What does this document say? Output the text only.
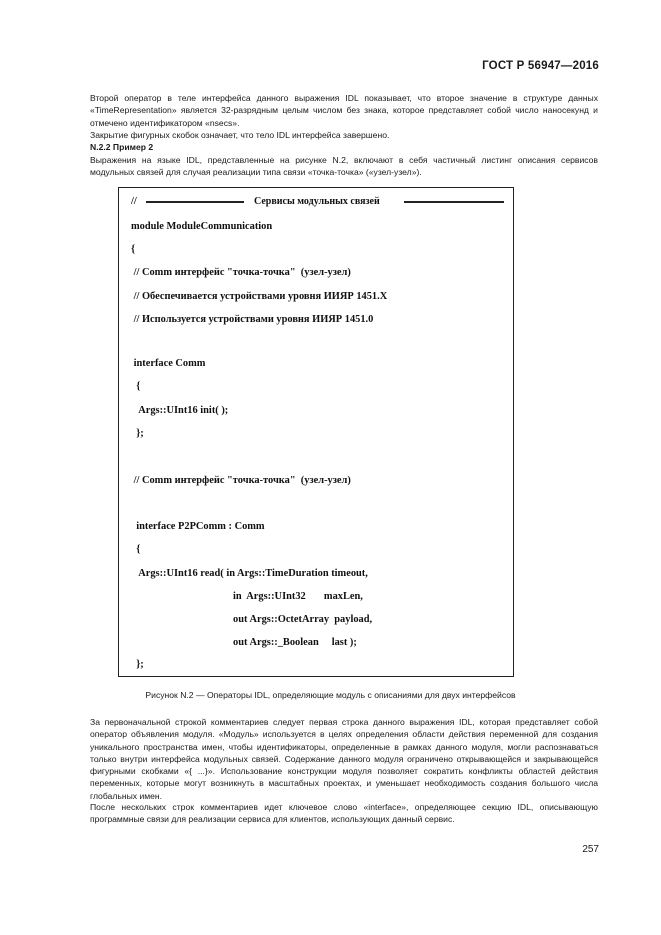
ГОСТ Р 56947—2016
Второй оператор в теле интерфейса данного выражения IDL показывает, что второе значение в структуре данных «TimeRepresentation» является 32-разрядным целым числом без знака, которое представляет собой число наносекунд и отмечено идентификатором «nsecs».
Закрытие фигурных скобок означает, что тело IDL интерфейса завершено.
N.2.2 Пример 2
Выражения на языке IDL, представленные на рисунке N.2, включают в себя частичный листинг описания сервисов модульных связей для случая реализации типа связи «точка-точка» («узел-узел»).
//	Сервисы модульных связей
module ModuleCommunication
{
// Comm интерфейс "точка-точка"  (узел-узел)
// Обеспечивается устройствами уровня ИИЯР 1451.X
// Используется устройствами уровня ИИЯР 1451.0
interface Comm
{
Args::UInt16 init( );
};
// Comm интерфейс "точка-точка"  (узел-узел)
interface P2PComm : Comm
{
Args::UInt16 read( in Args::TimeDuration timeout,
in  Args::UInt32       maxLen,
out Args::OctetArray  payload,
out Args::_Boolean     last );
};
Рисунок N.2 — Операторы IDL, определяющие модуль с описаниями для двух интерфейсов
За первоначальной строкой комментариев следует первая строка данного выражения IDL, которая представляет собой оператор объявления модуля. «Модуль» используется в целях определения области действия переменной для создания уникального пространства имен, чтобы идентификаторы, определенные в рамках данного модуля, могли распознаваться только внутри интерфейса модульных связей. Содержание данного модуля ограничено открывающейся и закрывающейся фигурными скобками «{ ...}». Использование конструкции модуля позволяет сократить конфликты областей действия переменных, которые могут возникнуть в масштабных проектах, и уменьшает необходимость создания большого числа глобальных имен.
После нескольких строк комментариев идет ключевое слово «interface», определяющее секцию IDL, описывающую программные связи для реализации сервиса для клиентов, использующих данный сервис.
257
